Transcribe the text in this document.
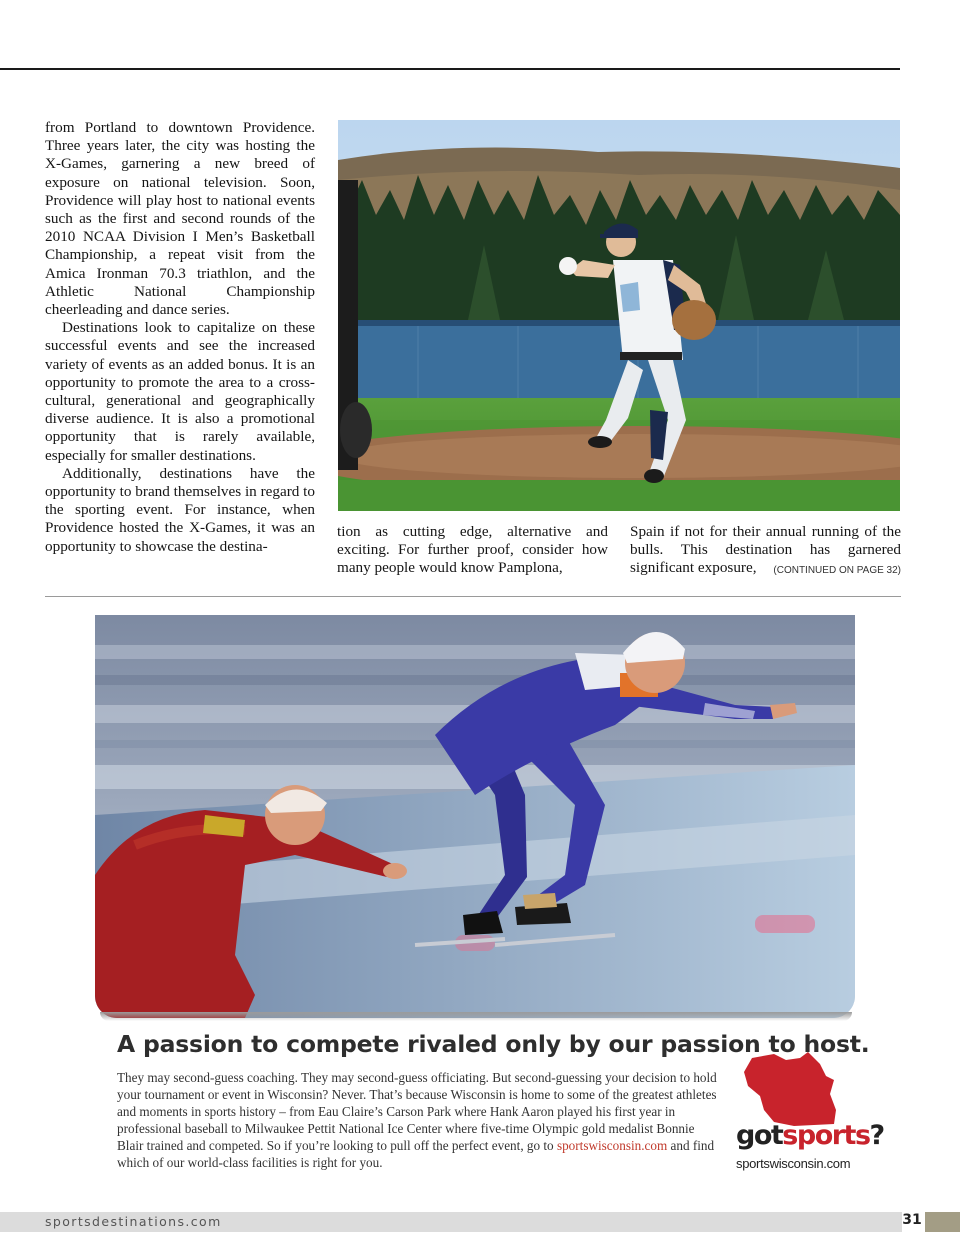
from Portland to downtown Providence. Three years later, the city was hosting the X-Games, garnering a new breed of exposure on national television. Soon, Providence will play host to national events such as the first and second rounds of the 2010 NCAA Division I Men’s Basketball Championship, a repeat visit from the Amica Ironman 70.3 triathlon, and the Athletic National Championship cheerleading and dance series.

Destinations look to capitalize on these successful events and see the increased variety of events as an added bonus. It is an opportunity to promote the area to a cross-cultural, generational and geographically diverse audience. It is also a promotional opportunity that is rarely available, especially for smaller destinations.

Additionally, destinations have the opportunity to brand themselves in regard to the sporting event. For instance, when Providence hosted the X-Games, it was an opportunity to showcase the destina-

tion as cutting edge, alternative and exciting. For further proof, consider how many people would know Pamplona,

Spain if not for their annual running of the bulls. This destination has garnered significant exposure, (CONTINUED ON PAGE 32)

A passion to compete rivaled only by our passion to host.
They may second-guess coaching. They may second-guess officiating. But second-guessing your decision to hold your tournament or event in Wisconsin? Never. That’s because Wisconsin is home to some of the greatest athletes and moments in sports history – from Eau Claire’s Carson Park where Hank Aaron played his first year in professional baseball to Milwaukee Pettit National Ice Center where five-time Olympic gold medalist Bonnie Blair trained and competed. So if you’re looking to pull off the perfect event, go to sportswisconsin.com and find which of our world-class facilities is right for you.
gotsports?
sportswisconsin.com
sportsdestinations.com	31
